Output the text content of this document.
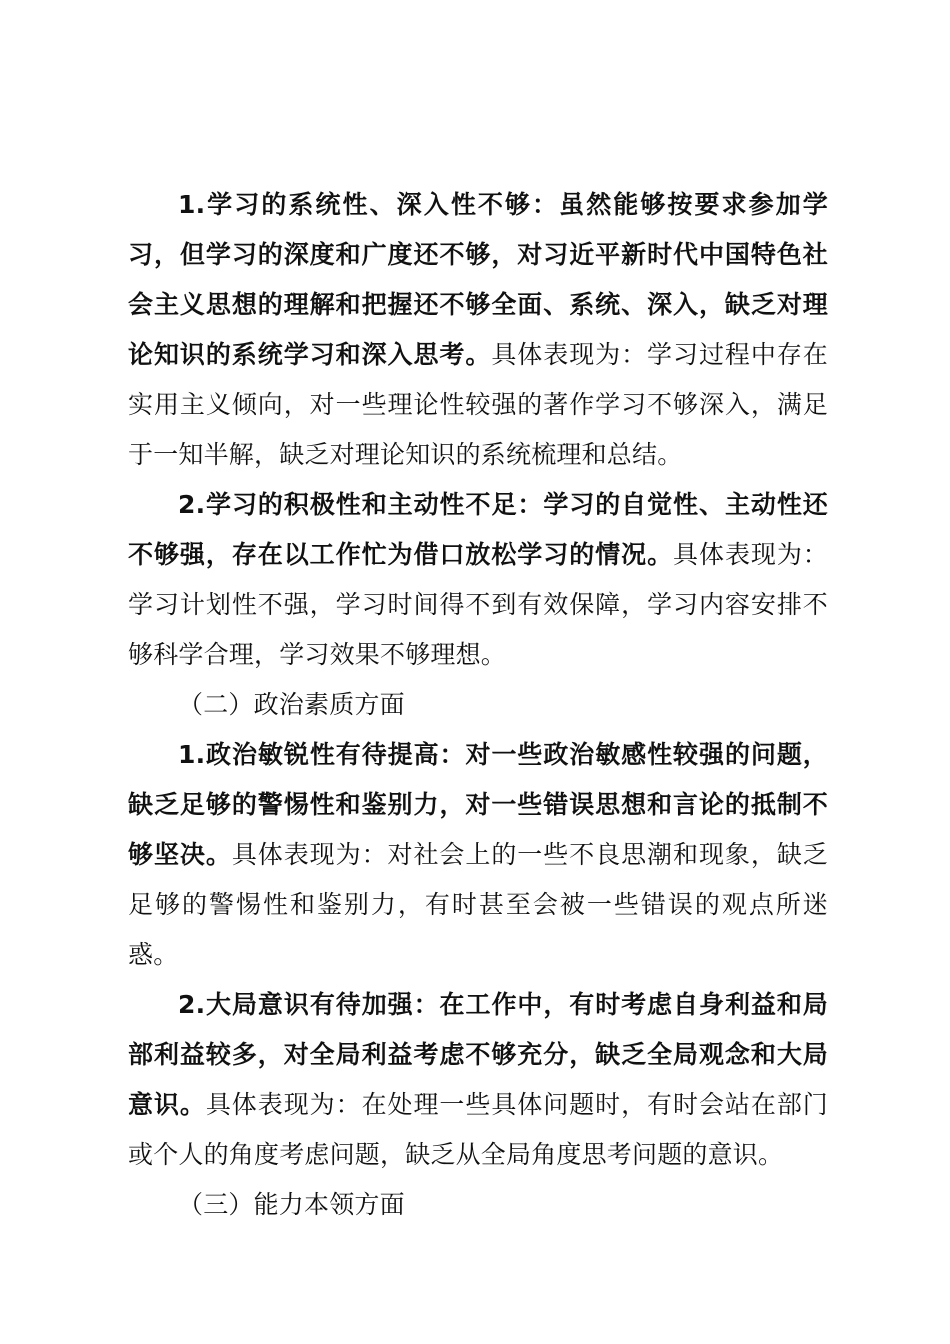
1.学习的系统性、深入性不够：虽然能够按要求参加学习，但学习的深度和广度还不够，对习近平新时代中国特色社会主义思想的理解和把握还不够全面、系统、深入，缺乏对理论知识的系统学习和深入思考。具体表现为：学习过程中存在实用主义倾向，对一些理论性较强的著作学习不够深入，满足于一知半解，缺乏对理论知识的系统梳理和总结。

2.学习的积极性和主动性不足：学习的自觉性、主动性还不够强，存在以工作忙为借口放松学习的情况。具体表现为：学习计划性不强，学习时间得不到有效保障，学习内容安排不够科学合理，学习效果不够理想。

（二）政治素质方面

1.政治敏锐性有待提高：对一些政治敏感性较强的问题，缺乏足够的警惕性和鉴别力，对一些错误思想和言论的抵制不够坚决。具体表现为：对社会上的一些不良思潮和现象，缺乏足够的警惕性和鉴别力，有时甚至会被一些错误的观点所迷惑。

2.大局意识有待加强：在工作中，有时考虑自身利益和局部利益较多，对全局利益考虑不够充分，缺乏全局观念和大局意识。具体表现为：在处理一些具体问题时，有时会站在部门或个人的角度考虑问题，缺乏从全局角度思考问题的意识。

（三）能力本领方面
